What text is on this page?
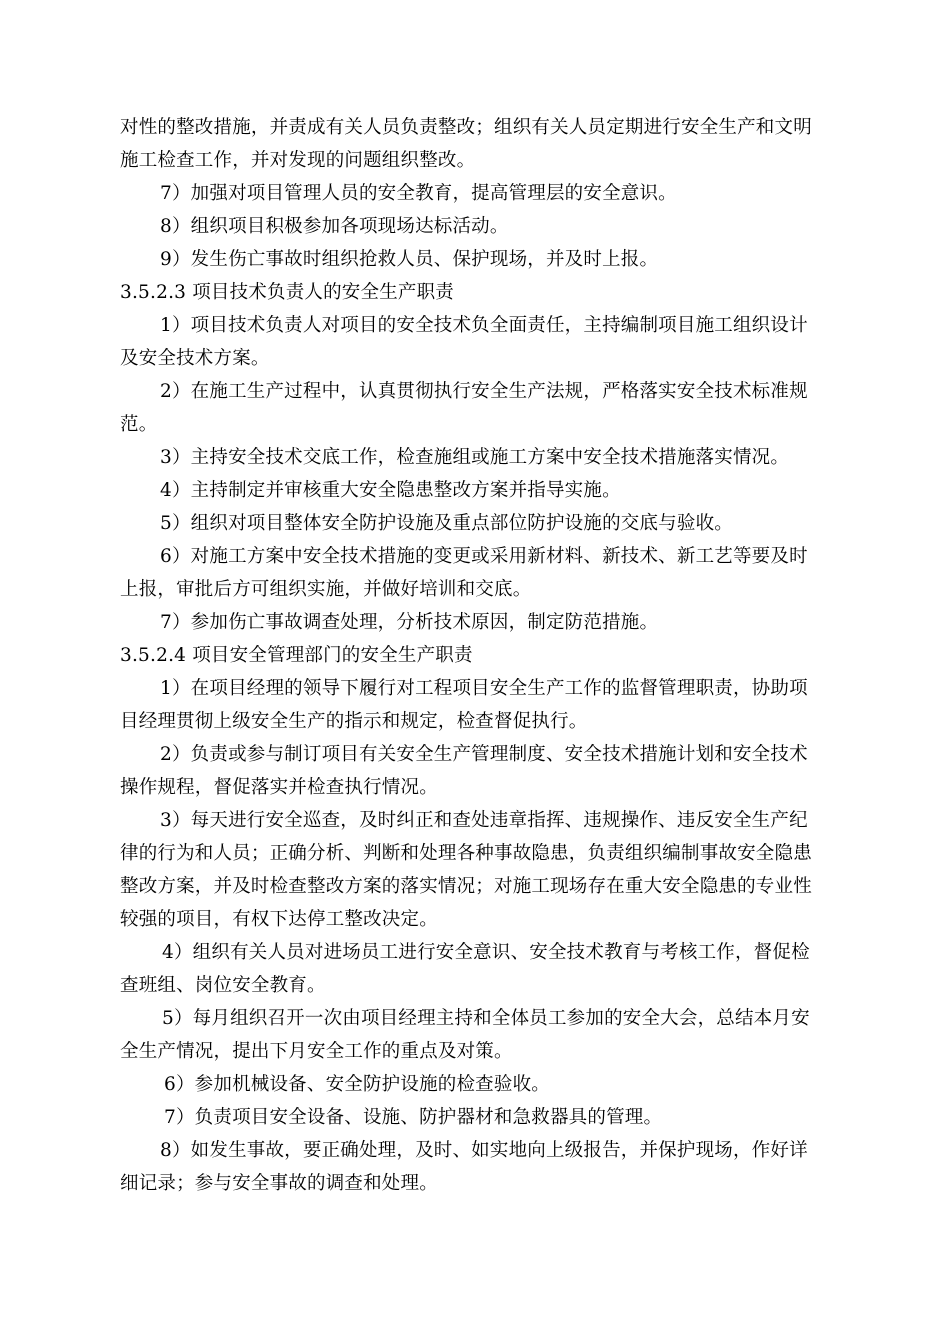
对性的整改措施，并责成有关人员负责整改；组织有关人员定期进行安全生产和文明
施工检查工作，并对发现的问题组织整改。
7）加强对项目管理人员的安全教育，提高管理层的安全意识。
8）组织项目积极参加各项现场达标活动。
9）发生伤亡事故时组织抢救人员、保护现场，并及时上报。
3.5.2.3 项目技术负责人的安全生产职责
1）项目技术负责人对项目的安全技术负全面责任，主持编制项目施工组织设计
及安全技术方案。
2）在施工生产过程中，认真贯彻执行安全生产法规，严格落实安全技术标准规
范。
3）主持安全技术交底工作，检查施组或施工方案中安全技术措施落实情况。
4）主持制定并审核重大安全隐患整改方案并指导实施。
5）组织对项目整体安全防护设施及重点部位防护设施的交底与验收。
6）对施工方案中安全技术措施的变更或采用新材料、新技术、新工艺等要及时
上报，审批后方可组织实施，并做好培训和交底。
7）参加伤亡事故调查处理，分析技术原因，制定防范措施。
3.5.2.4 项目安全管理部门的安全生产职责
1）在项目经理的领导下履行对工程项目安全生产工作的监督管理职责，协助项
目经理贯彻上级安全生产的指示和规定，检查督促执行。
2）负责或参与制订项目有关安全生产管理制度、安全技术措施计划和安全技术
操作规程，督促落实并检查执行情况。
3）每天进行安全巡查，及时纠正和查处违章指挥、违规操作、违反安全生产纪
律的行为和人员；正确分析、判断和处理各种事故隐患，负责组织编制事故安全隐患
整改方案，并及时检查整改方案的落实情况；对施工现场存在重大安全隐患的专业性
较强的项目，有权下达停工整改决定。
4）组织有关人员对进场员工进行安全意识、安全技术教育与考核工作，督促检
查班组、岗位安全教育。
5）每月组织召开一次由项目经理主持和全体员工参加的安全大会，总结本月安
全生产情况，提出下月安全工作的重点及对策。
6）参加机械设备、安全防护设施的检查验收。
7）负责项目安全设备、设施、防护器材和急救器具的管理。
8）如发生事故，要正确处理，及时、如实地向上级报告，并保护现场，作好详
细记录；参与安全事故的调查和处理。
